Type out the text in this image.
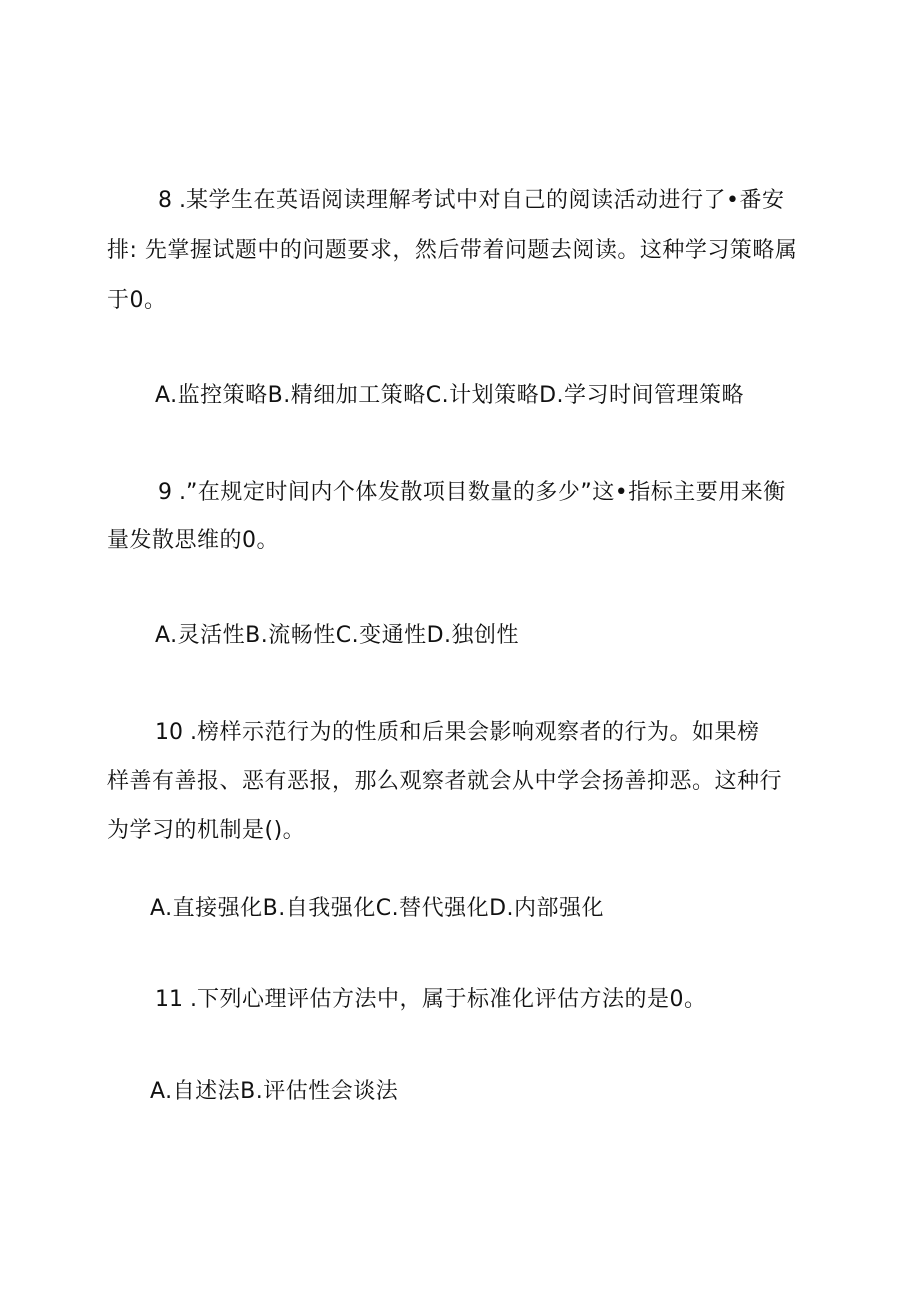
8 .某学生在英语阅读理解考试中对自己的阅读活动进行了•番安
排: 先掌握试题中的问题要求，然后带着问题去阅读。这种学习策略属
于0。
A.监控策略B.精细加工策略C.计划策略D.学习时间管理策略
9 .”在规定时间内个体发散项目数量的多少”这•指标主要用来衡
量发散思维的0。
A.灵活性B.流畅性C.变通性D.独创性
10 .榜样示范行为的性质和后果会影响观察者的行为。如果榜
样善有善报、恶有恶报，那么观察者就会从中学会扬善抑恶。这种行
为学习的机制是()。
A.直接强化B.自我强化C.替代强化D.内部强化
11 .下列心理评估方法中，属于标准化评估方法的是0。
A.自述法B.评估性会谈法
